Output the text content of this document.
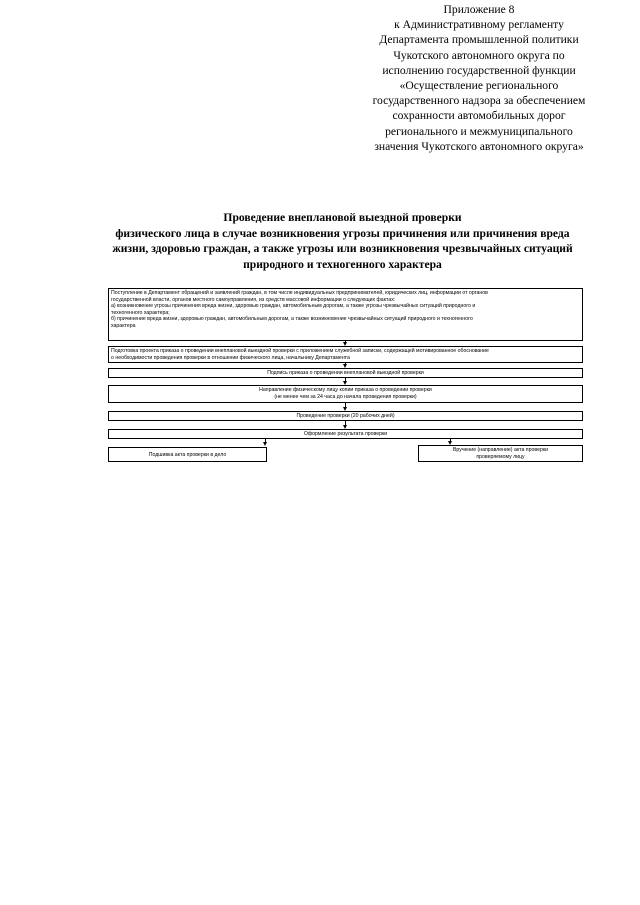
Приложение 8
к Административному регламенту
Департамента промышленной политики
Чукотского автономного округа по
исполнению государственной функции
«Осуществление регионального
государственного надзора за обеспечением
сохранности автомобильных дорог
регионального и межмуниципального
значения Чукотского автономного округа»
Проведение внеплановой выездной проверки
физического лица в случае возникновения угрозы причинения или причинения вреда
жизни, здоровью граждан, а также угрозы или возникновения чрезвычайных ситуаций
природного и техногенного характера
Поступление в Департамент обращений и заявлений граждан, в том числе индивидуальных предпринимателей, юридических лиц, информации от органов
государственной власти, органов местного самоуправления, из средств массовой информации о следующих фактах:
а) возникновение угрозы причинения вреда жизни, здоровью граждан, автомобильным дорогам, а также угрозы чрезвычайных ситуаций природного и
техногенного характера;
б) причинение вреда жизни, здоровью граждан, автомобильным дорогам, а также возникновение чрезвычайных ситуаций природного и техногенного
характера
Подготовка проекта приказа о проведении внеплановой выездной проверки с приложением служебной записки, содержащей мотивированное обоснование
о необходимости проведения проверки в отношении физического лица, начальнику Департамента
Подпись приказа о проведении внеплановой выездной проверки
Направление физическому лицу копии приказа о проведении проверки
(не менее чем за 24 часа до начала проведения проверки)
Проведение проверки (20 рабочих дней)
Оформление результата проверки
Подшивка акта проверки в дело
Вручение (направление) акта проверки
проверяемому лицу
